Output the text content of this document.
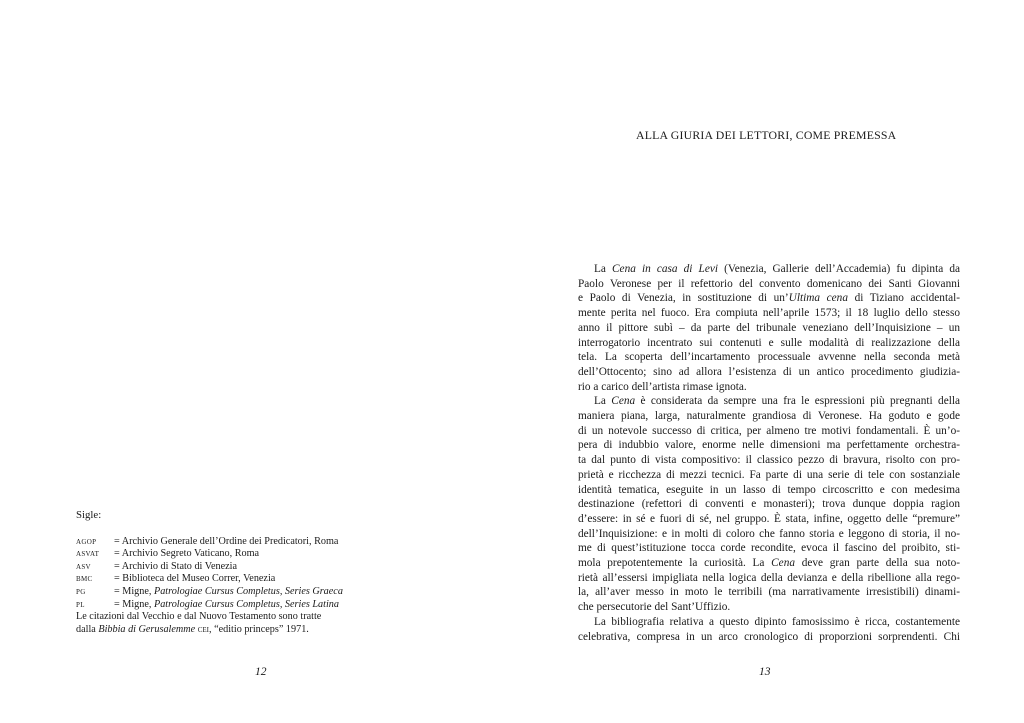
Sigle:
agop = Archivio Generale dell’Ordine dei Predicatori, Roma
asvat = Archivio Segreto Vaticano, Roma
asv = Archivio di Stato di Venezia
bmc = Biblioteca del Museo Correr, Venezia
pg	= Migne, Patrologiae Cursus Completus, Series Graeca
pl	= Migne, Patrologiae Cursus Completus, Series Latina
Le citazioni dal Vecchio e dal Nuovo Testamento sono tratte
dalla Bibbia di Gerusalemme cei, “editio princeps” 1971.
12
ALLA GIURIA DEI LETTORI, COME PREMESSA
La Cena in casa di Levi (Venezia, Gallerie dell’Accademia) fu dipinta da
Paolo Veronese per il refettorio del convento domenicano dei Santi Giovanni
e Paolo di Venezia, in sostituzione di un’Ultima cena di Tiziano accidental-
mente perita nel fuoco. Era compiuta nell’aprile 1573; il 18 luglio dello stesso
anno il pittore subì – da parte del tribunale veneziano dell’Inquisizione – un
interrogatorio incentrato sui contenuti e sulle modalità di realizzazione della
tela. La scoperta dell’incartamento processuale avvenne nella seconda metà
dell’Ottocento; sino ad allora l’esistenza di un antico procedimento giudizia-
rio a carico dell’artista rimase ignota.
La Cena è considerata da sempre una fra le espressioni più pregnanti della
maniera piana, larga, naturalmente grandiosa di Veronese. Ha goduto e gode
di un notevole successo di critica, per almeno tre motivi fondamentali. È un’o-
pera di indubbio valore, enorme nelle dimensioni ma perfettamente orchestra-
ta dal punto di vista compositivo: il classico pezzo di bravura, risolto con pro-
prietà e ricchezza di mezzi tecnici. Fa parte di una serie di tele con sostanziale
identità tematica, eseguite in un lasso di tempo circoscritto e con medesima
destinazione (refettori di conventi e monasteri); trova dunque doppia ragion
d’essere: in sé e fuori di sé, nel gruppo. È stata, infine, oggetto delle “premure”
dell’Inquisizione: e in molti di coloro che fanno storia e leggono di storia, il no-
me di quest’istituzione tocca corde recondite, evoca il fascino del proibito, sti-
mola prepotentemente la curiosità. La Cena deve gran parte della sua noto-
rietà all’essersi impigliata nella logica della devianza e della ribellione alla rego-
la, all’aver messo in moto le terribili (ma narrativamente irresistibili) dinami-
che persecutorie del Sant’Uffizio.
La bibliografia relativa a questo dipinto famosissimo è ricca, costantemente
celebrativa, compresa in un arco cronologico di proporzioni sorprendenti. Chi
13
